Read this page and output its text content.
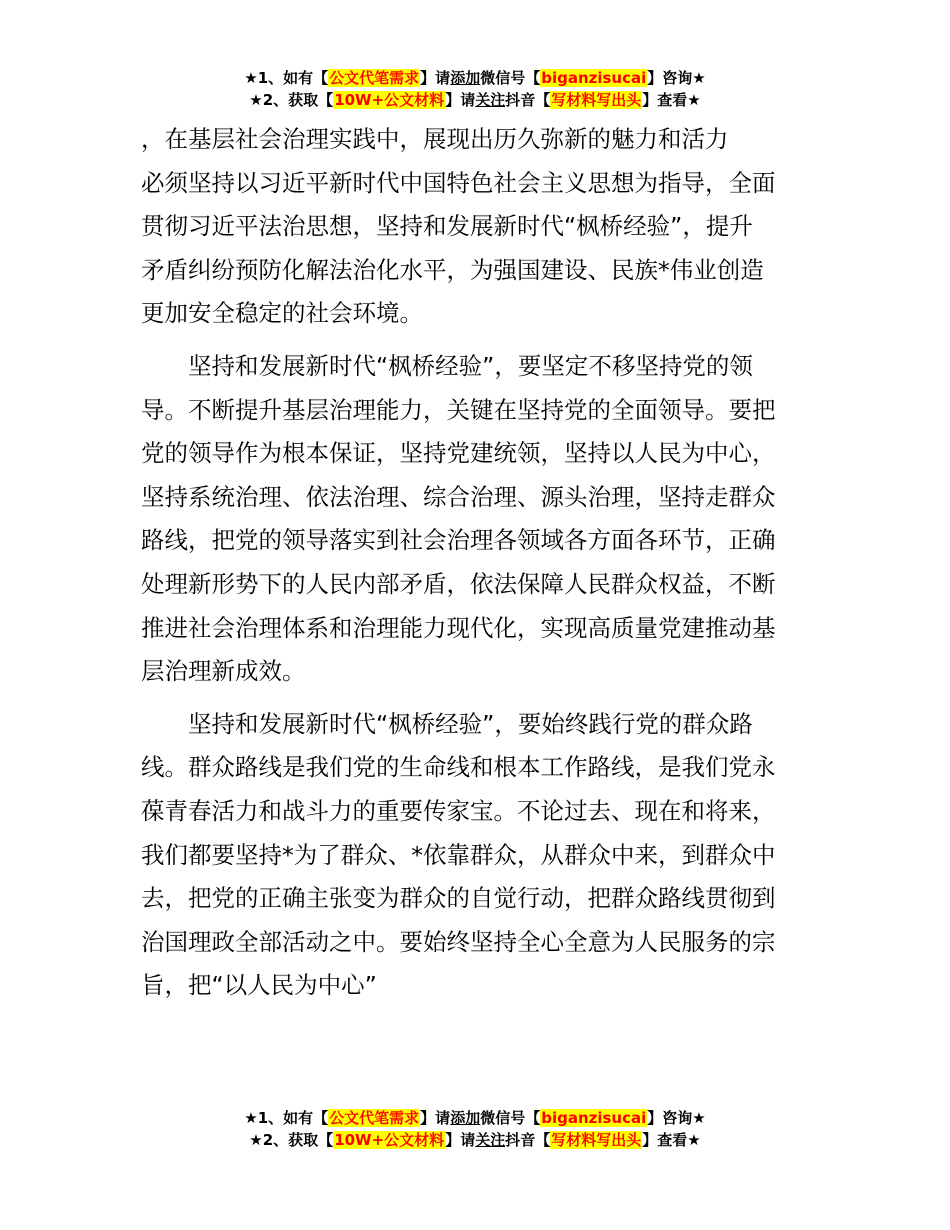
★1、如有【公文代笔需求】请添加微信号【biganzisucai】咨询★
★2、获取【10W+公文材料】请关注抖音【写材料写出头】查看★

，在基层社会治理实践中，展现出历久弥新的魅力和活力
必须坚持以习近平新时代中国特色社会主义思想为指导，全面
贯彻习近平法治思想，坚持和发展新时代“枫桥经验”，提升
矛盾纠纷预防化解法治化水平，为强国建设、民族*伟业创造
更加安全稳定的社会环境。

坚持和发展新时代“枫桥经验”，要坚定不移坚持党的领
导。不断提升基层治理能力，关键在坚持党的全面领导。要把
党的领导作为根本保证，坚持党建统领，坚持以人民为中心，
坚持系统治理、依法治理、综合治理、源头治理，坚持走群众
路线，把党的领导落实到社会治理各领域各方面各环节，正确
处理新形势下的人民内部矛盾，依法保障人民群众权益，不断
推进社会治理体系和治理能力现代化，实现高质量党建推动基
层治理新成效。

坚持和发展新时代“枫桥经验”，要始终践行党的群众路
线。群众路线是我们党的生命线和根本工作路线，是我们党永
葆青春活力和战斗力的重要传家宝。不论过去、现在和将来，
我们都要坚持*为了群众、*依靠群众，从群众中来，到群众中
去，把党的正确主张变为群众的自觉行动，把群众路线贯彻到
治国理政全部活动之中。要始终坚持全心全意为人民服务的宗
旨，把“以人民为中心”

★1、如有【公文代笔需求】请添加微信号【biganzisucai】咨询★
★2、获取【10W+公文材料】请关注抖音【写材料写出头】查看★
